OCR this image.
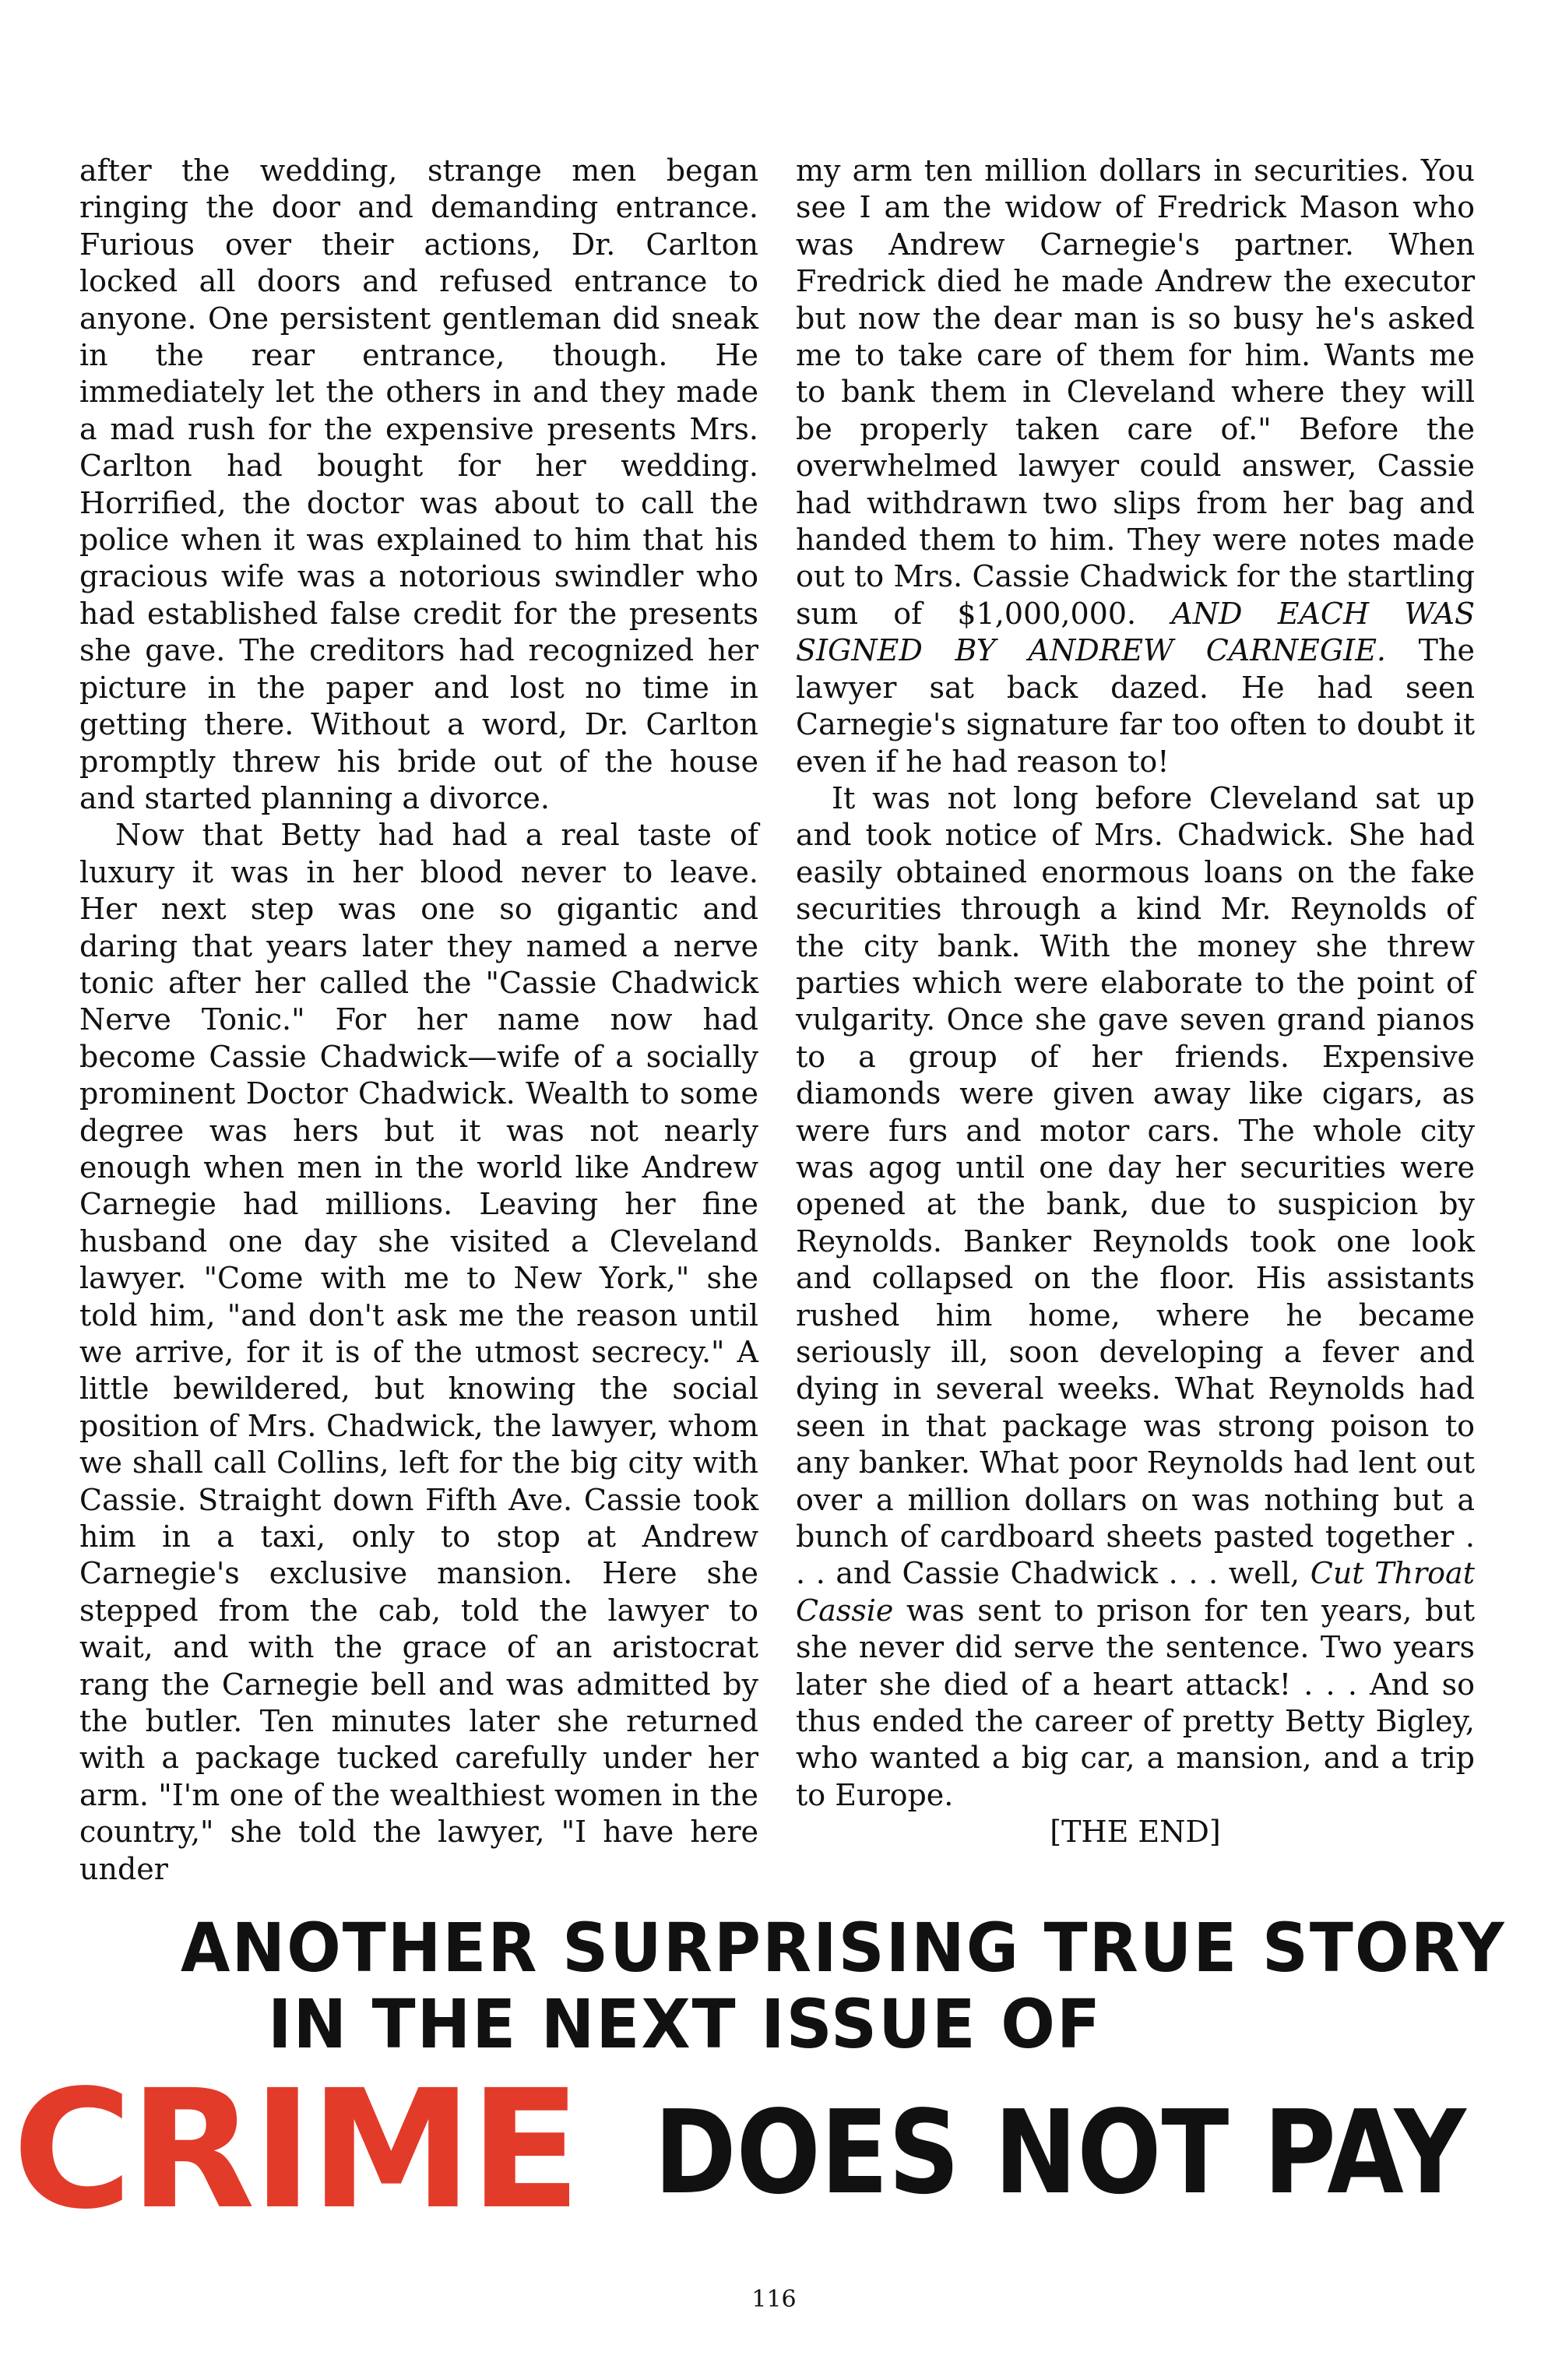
after the wedding, strange men began ringing the door and demanding entrance. Furious over their actions, Dr. Carlton locked all doors and refused entrance to anyone. One persistent gentleman did sneak in the rear entrance, though. He immediately let the others in and they made a mad rush for the expensive presents Mrs. Carlton had bought for her wedding. Horrified, the doctor was about to call the police when it was explained to him that his gracious wife was a notorious swindler who had established false credit for the presents she gave. The creditors had recognized her picture in the paper and lost no time in getting there. Without a word, Dr. Carlton promptly threw his bride out of the house and started planning a divorce.

Now that Betty had had a real taste of luxury it was in her blood never to leave. Her next step was one so gigantic and daring that years later they named a nerve tonic after her called the "Cassie Chadwick Nerve Tonic." For her name now had become Cassie Chadwick—wife of a socially prominent Doctor Chadwick. Wealth to some degree was hers but it was not nearly enough when men in the world like Andrew Carnegie had millions. Leaving her fine husband one day she visited a Cleveland lawyer. "Come with me to New York," she told him, "and don't ask me the reason until we arrive, for it is of the utmost secrecy." A little bewildered, but knowing the social position of Mrs. Chadwick, the lawyer, whom we shall call Collins, left for the big city with Cassie. Straight down Fifth Ave. Cassie took him in a taxi, only to stop at Andrew Carnegie's exclusive mansion. Here she stepped from the cab, told the lawyer to wait, and with the grace of an aristocrat rang the Carnegie bell and was admitted by the butler. Ten minutes later she returned with a package tucked carefully under her arm. "I'm one of the wealthiest women in the country," she told the lawyer, "I have here under

my arm ten million dollars in securities. You see I am the widow of Fredrick Mason who was Andrew Carnegie's partner. When Fredrick died he made Andrew the executor but now the dear man is so busy he's asked me to take care of them for him. Wants me to bank them in Cleveland where they will be properly taken care of." Before the overwhelmed lawyer could answer, Cassie had withdrawn two slips from her bag and handed them to him. They were notes made out to Mrs. Cassie Chadwick for the startling sum of $1,000,000. AND EACH WAS SIGNED BY ANDREW CARNEGIE. The lawyer sat back dazed. He had seen Carnegie's signature far too often to doubt it even if he had reason to!

It was not long before Cleveland sat up and took notice of Mrs. Chadwick. She had easily obtained enormous loans on the fake securities through a kind Mr. Reynolds of the city bank. With the money she threw parties which were elaborate to the point of vulgarity. Once she gave seven grand pianos to a group of her friends. Expensive diamonds were given away like cigars, as were furs and motor cars. The whole city was agog until one day her securities were opened at the bank, due to suspicion by Reynolds. Banker Reynolds took one look and collapsed on the floor. His assistants rushed him home, where he became seriously ill, soon developing a fever and dying in several weeks. What Reynolds had seen in that package was strong poison to any banker. What poor Reynolds had lent out over a million dollars on was nothing but a bunch of cardboard sheets pasted together . . . and Cassie Chadwick . . . well, Cut Throat Cassie was sent to prison for ten years, but she never did serve the sentence. Two years later she died of a heart attack! . . . And so thus ended the career of pretty Betty Bigley, who wanted a big car, a mansion, and a trip to Europe.

[THE END]
ANOTHER SURPRISING TRUE STORY
IN THE NEXT ISSUE OF
CRIME DOES NOT PAY
116
